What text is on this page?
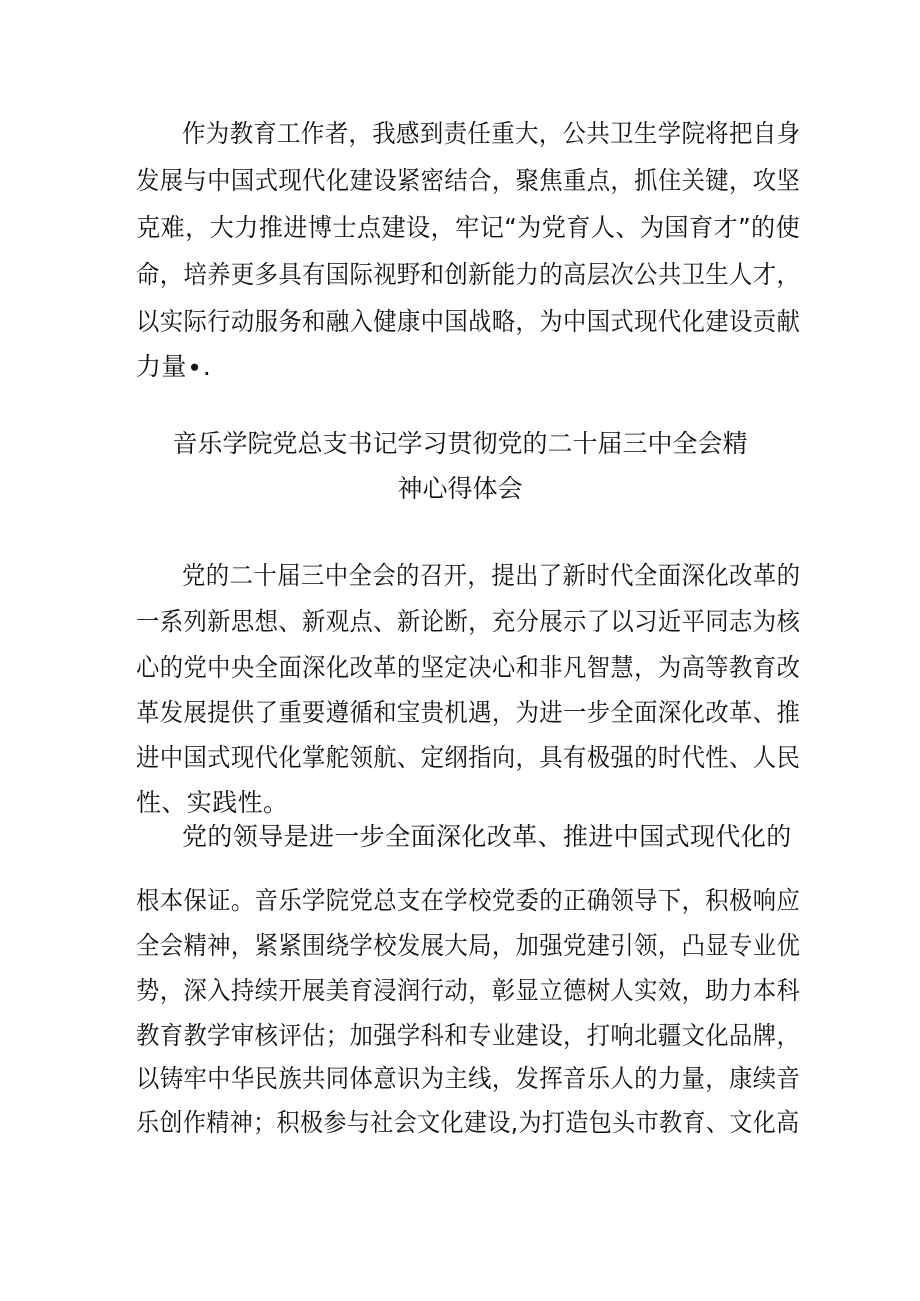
作为教育工作者，我感到责任重大，公共卫生学院将把自身
发展与中国式现代化建设紧密结合，聚焦重点，抓住关键，攻坚
克难，大力推进博士点建设，牢记“为党育人、为国育才”的使
命，培养更多具有国际视野和创新能力的高层次公共卫生人才，
以实际行动服务和融入健康中国战略，为中国式现代化建设贡献
力量∙.
音乐学院党总支书记学习贯彻党的二十届三中全会精
神心得体会
党的二十届三中全会的召开，提出了新时代全面深化改革的
一系列新思想、新观点、新论断，充分展示了以习近平同志为核
心的党中央全面深化改革的坚定决心和非凡智慧，为高等教育改
革发展提供了重要遵循和宝贵机遇，为进一步全面深化改革、推
进中国式现代化掌舵领航、定纲指向，具有极强的时代性、人民
性、实践性。
党的领导是进一步全面深化改革、推进中国式现代化的
根本保证。音乐学院党总支在学校党委的正确领导下，积极响应
全会精神，紧紧围绕学校发展大局，加强党建引领，凸显专业优
势，深入持续开展美育浸润行动，彰显立德树人实效，助力本科
教育教学审核评估；加强学科和专业建设，打响北疆文化品牌，
以铸牢中华民族共同体意识为主线，发挥音乐人的力量，康续音
乐创作精神；积极参与社会文化建设,为打造包头市教育、文化高
